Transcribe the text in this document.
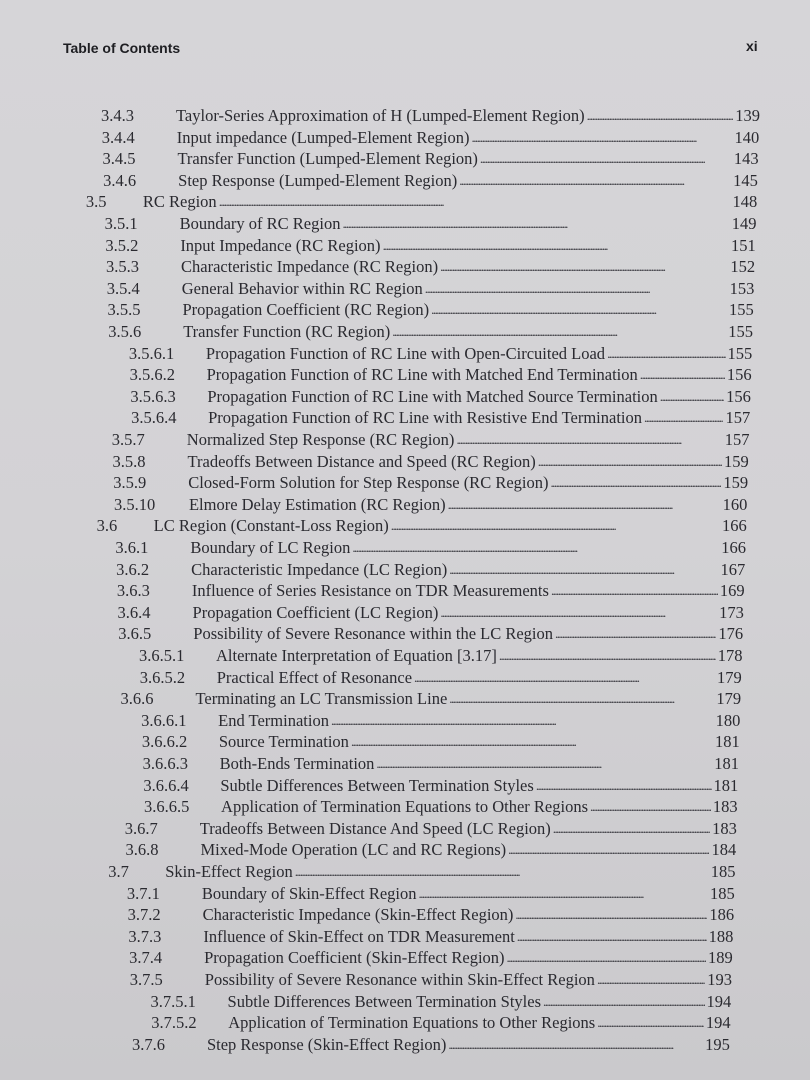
Table of Contents	xi
3.4.3	Taylor-Series Approximation of H (Lumped-Element Region) . . .	139
3.4.4	Input impedance (Lumped-Element Region) . . .	140
3.4.5	Transfer Function (Lumped-Element Region) . . .	143
3.4.6	Step Response (Lumped-Element Region) . . .	145
3.5 RC Region . . .	148
3.5.1	Boundary of RC Region . . .	149
3.5.2	Input Impedance (RC Region) . . .	151
3.5.3	Characteristic Impedance (RC Region) . . .	152
3.5.4	General Behavior within RC Region . . .	153
3.5.5	Propagation Coefficient (RC Region) . . .	155
3.5.6	Transfer Function (RC Region) . . .	155
3.5.6.1 Propagation Function of RC Line with Open-Circuited Load . . .	155
3.5.6.2 Propagation Function of RC Line with Matched End Termination . . .	156
3.5.6.3 Propagation Function of RC Line with Matched Source Termination . . .	156
3.5.6.4 Propagation Function of RC Line with Resistive End Termination . . .	157
3.5.7	Normalized Step Response (RC Region) . . .	157
3.5.8	Tradeoffs Between Distance and Speed (RC Region) . . .	159
3.5.9	Closed-Form Solution for Step Response (RC Region) . . .	159
3.5.10 Elmore Delay Estimation (RC Region) . . .	160
3.6 LC Region (Constant-Loss Region) . . .	166
3.6.1	Boundary of LC Region . . .	166
3.6.2	Characteristic Impedance (LC Region) . . .	167
3.6.3	Influence of Series Resistance on TDR Measurements . . .	169
3.6.4	Propagation Coefficient (LC Region) . . .	173
3.6.5	Possibility of Severe Resonance within the LC Region . . .	176
3.6.5.1 Alternate Interpretation of Equation [3.17] . . .	178
3.6.5.2 Practical Effect of Resonance . . .	179
3.6.6	Terminating an LC Transmission Line . . .	179
3.6.6.1 End Termination . . .	180
3.6.6.2 Source Termination . . .	181
3.6.6.3 Both-Ends Termination . . .	181
3.6.6.4 Subtle Differences Between Termination Styles . . .	181
3.6.6.5 Application of Termination Equations to Other Regions . . .	183
3.6.7	Tradeoffs Between Distance And Speed (LC Region) . . .	183
3.6.8	Mixed-Mode Operation (LC and RC Regions) . . .	184
3.7 Skin-Effect Region . . .	185
3.7.1	Boundary of Skin-Effect Region . . .	185
3.7.2	Characteristic Impedance (Skin-Effect Region) . . .	186
3.7.3	Influence of Skin-Effect on TDR Measurement . . .	188
3.7.4	Propagation Coefficient (Skin-Effect Region) . . .	189
3.7.5	Possibility of Severe Resonance within Skin-Effect Region . . .	193
3.7.5.1 Subtle Differences Between Termination Styles . . .	194
3.7.5.2 Application of Termination Equations to Other Regions . . .	194
3.7.6	Step Response (Skin-Effect Region) . . .	195
